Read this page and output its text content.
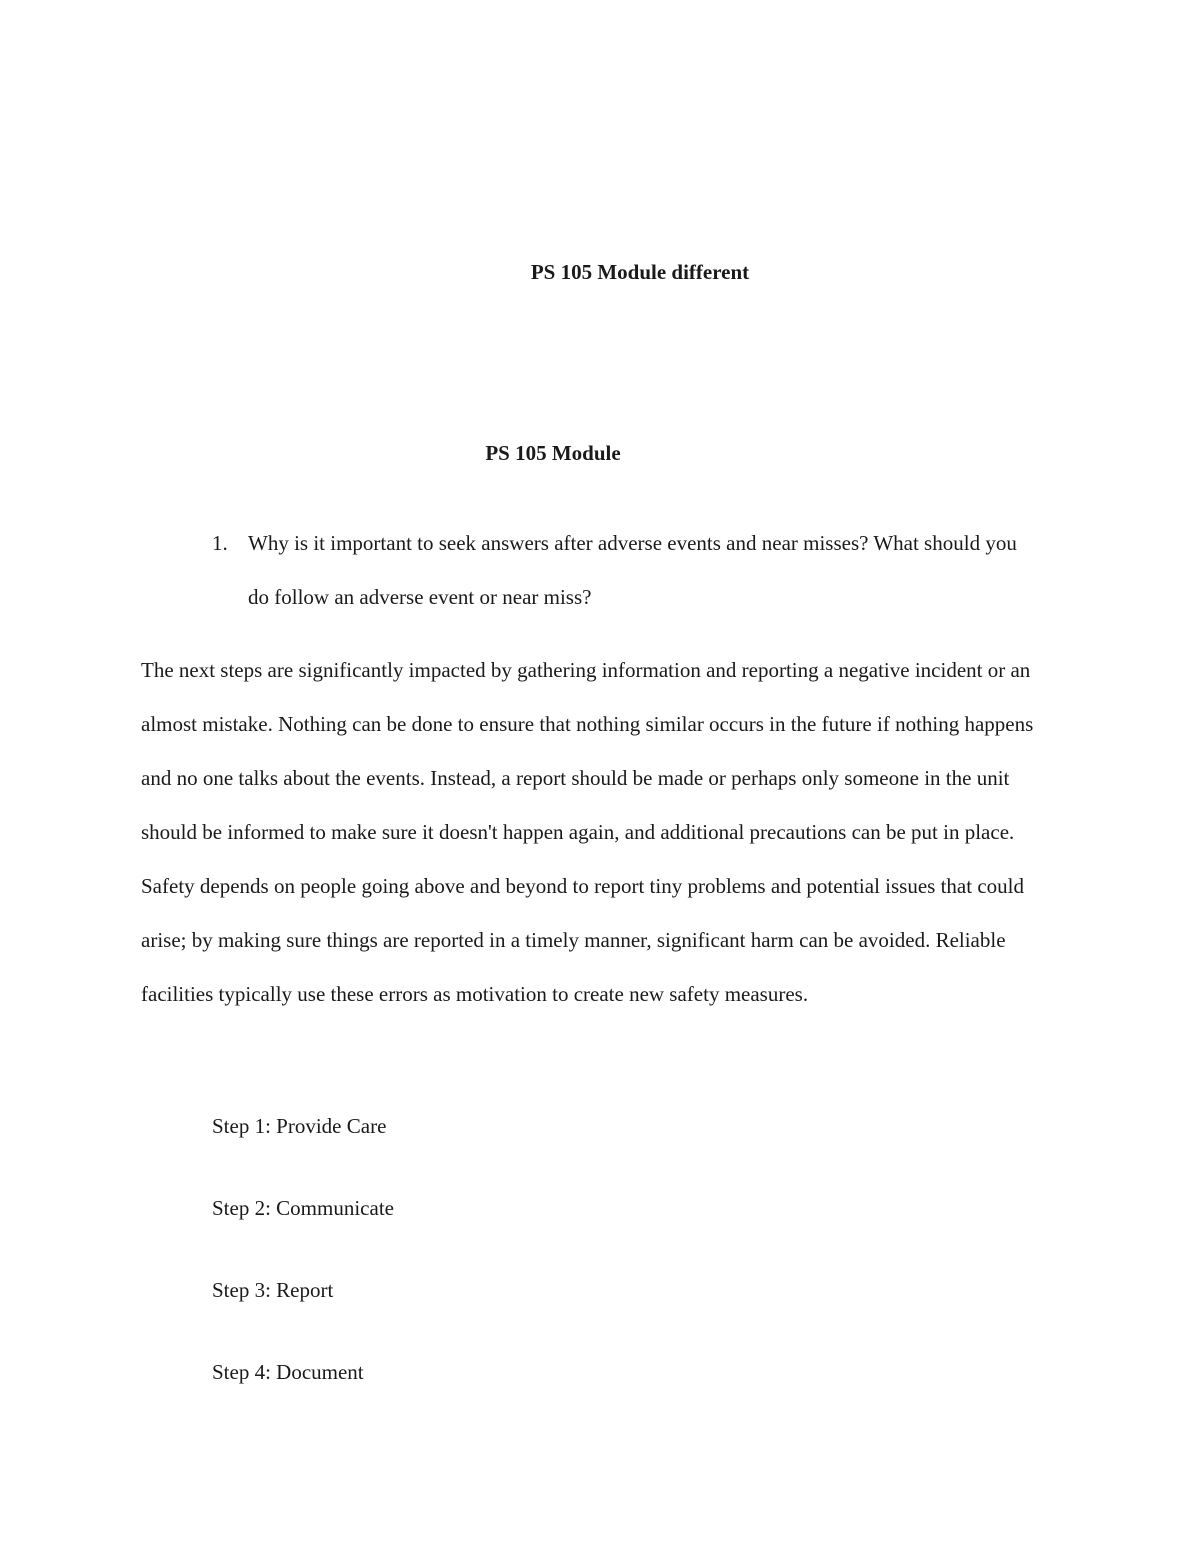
PS 105 Module different
PS 105 Module
1. Why is it important to seek answers after adverse events and near misses? What should you do follow an adverse event or near miss?

The next steps are significantly impacted by gathering information and reporting a negative incident or an almost mistake. Nothing can be done to ensure that nothing similar occurs in the future if nothing happens and no one talks about the events. Instead, a report should be made or perhaps only someone in the unit should be informed to make sure it doesn't happen again, and additional precautions can be put in place. Safety depends on people going above and beyond to report tiny problems and potential issues that could arise; by making sure things are reported in a timely manner, significant harm can be avoided. Reliable facilities typically use these errors as motivation to create new safety measures.

Step 1: Provide Care
Step 2: Communicate
Step 3: Report
Step 4: Document
